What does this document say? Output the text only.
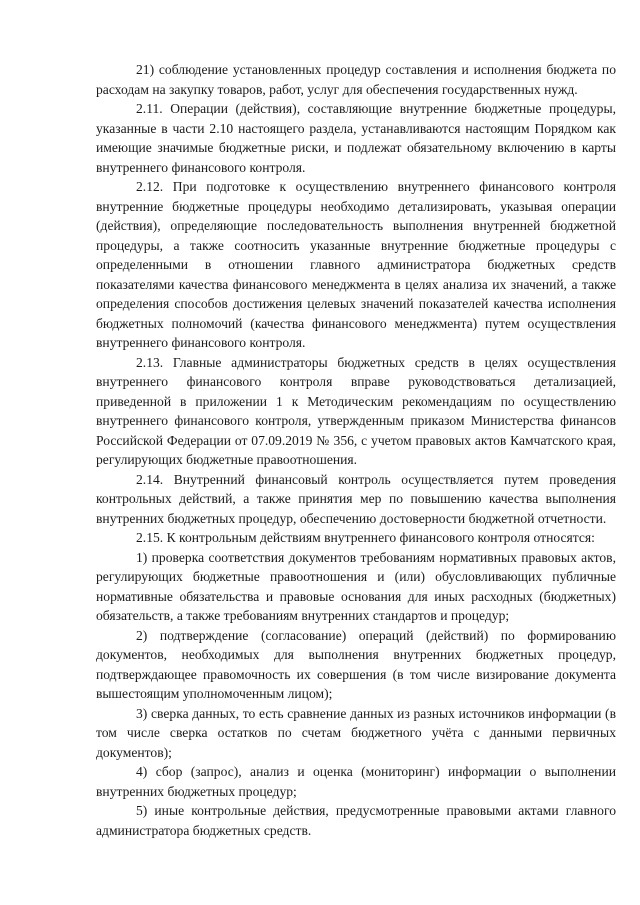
21) соблюдение установленных процедур составления и исполнения бюджета по расходам на закупку товаров, работ, услуг для обеспечения государственных нужд.

2.11. Операции (действия), составляющие внутренние бюджетные процедуры, указанные в части 2.10 настоящего раздела, устанавливаются настоящим Порядком как имеющие значимые бюджетные риски, и подлежат обязательному включению в карты внутреннего финансового контроля.

2.12. При подготовке к осуществлению внутреннего финансового контроля внутренние бюджетные процедуры необходимо детализировать, указывая операции (действия), определяющие последовательность выполнения внутренней бюджетной процедуры, а также соотносить указанные внутренние бюджетные процедуры с определенными в отношении главного администратора бюджетных средств показателями качества финансового менеджмента в целях анализа их значений, а также определения способов достижения целевых значений показателей качества исполнения бюджетных полномочий (качества финансового менеджмента) путем осуществления внутреннего финансового контроля.

2.13. Главные администраторы бюджетных средств в целях осуществления внутреннего финансового контроля вправе руководствоваться детализацией, приведенной в приложении 1 к Методическим рекомендациям по осуществлению внутреннего финансового контроля, утвержденным приказом Министерства финансов Российской Федерации от 07.09.2019 № 356, с учетом правовых актов Камчатского края, регулирующих бюджетные правоотношения.

2.14. Внутренний финансовый контроль осуществляется путем проведения контрольных действий, а также принятия мер по повышению качества выполнения внутренних бюджетных процедур, обеспечению достоверности бюджетной отчетности.

2.15. К контрольным действиям внутреннего финансового контроля относятся:

1) проверка соответствия документов требованиям нормативных правовых актов, регулирующих бюджетные правоотношения и (или) обусловливающих публичные нормативные обязательства и правовые основания для иных расходных (бюджетных) обязательств, а также требованиям внутренних стандартов и процедур;

2) подтверждение (согласование) операций (действий) по формированию документов, необходимых для выполнения внутренних бюджетных процедур, подтверждающее правомочность их совершения (в том числе визирование документа вышестоящим уполномоченным лицом);

3) сверка данных, то есть сравнение данных из разных источников информации (в том числе сверка остатков по счетам бюджетного учёта с данными первичных документов);

4) сбор (запрос), анализ и оценка (мониторинг) информации о выполнении внутренних бюджетных процедур;

5) иные контрольные действия, предусмотренные правовыми актами главного администратора бюджетных средств.
